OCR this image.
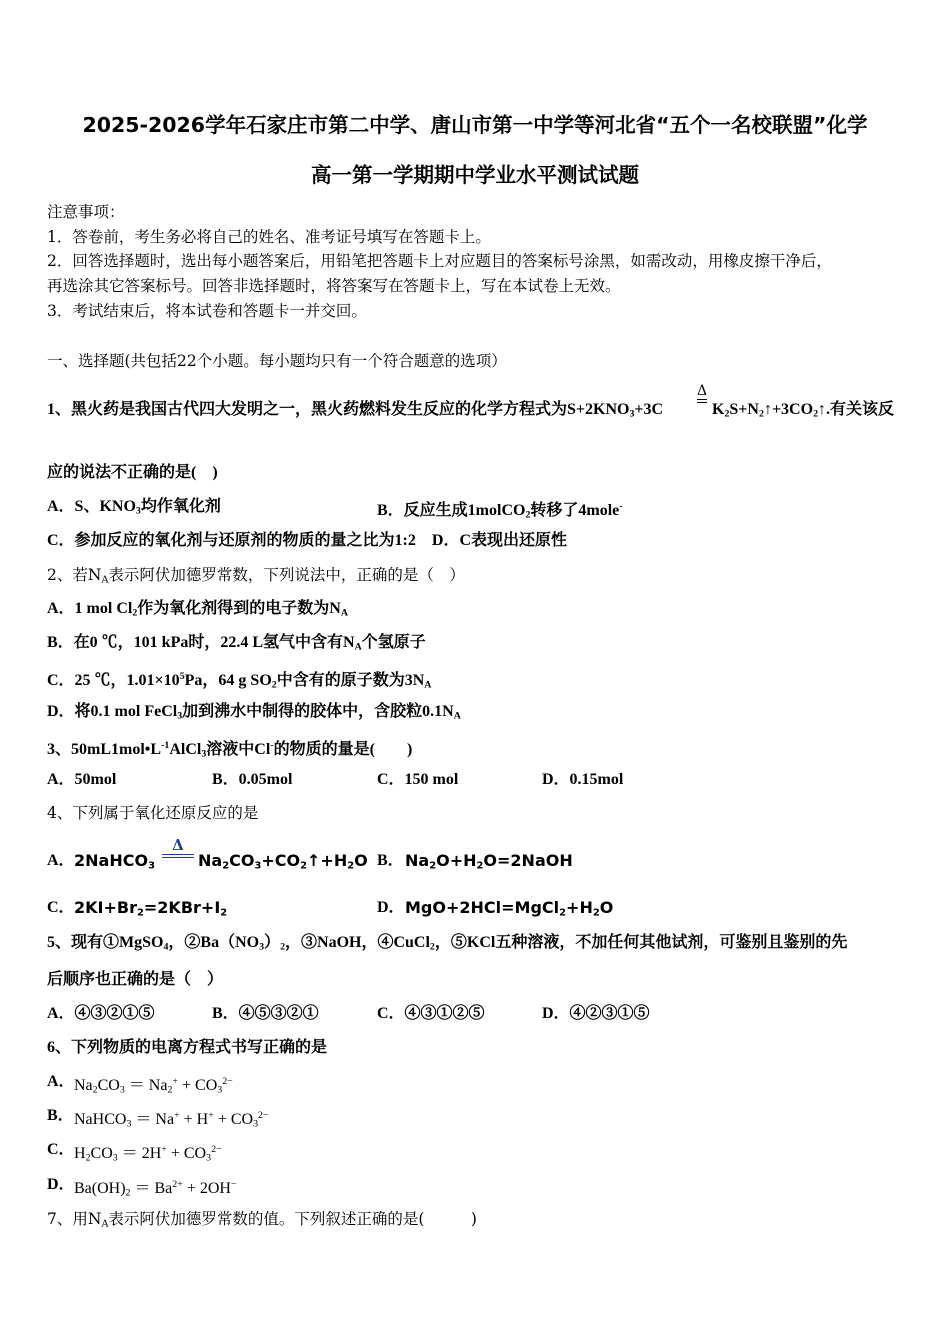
2025-2026学年石家庄市第二中学、唐山市第一中学等河北省“五个一名校联盟”化学
高一第一学期期中学业水平测试试题
注意事项：
1．答卷前，考生务必将自己的姓名、准考证号填写在答题卡上。
2．回答选择题时，选出每小题答案后，用铅笔把答题卡上对应题目的答案标号涂黑，如需改动，用橡皮擦干净后，
再选涂其它答案标号。回答非选择题时，将答案写在答题卡上，写在本试卷上无效。
3．考试结束后，将本试卷和答题卡一并交回。
一、选择题(共包括22个小题。每小题均只有一个符合题意的选项）
1、黑火药是我国古代四大发明之一，黑火药燃料发生反应的化学方程式为$S+2KNO_3+3C$
Δ
$K_2S+N_2↑+3CO_2↑$.有关该反
应的说法不正确的是(　)
A．S、$KNO_3$均作氧化剂	B．反应生成1molCO$_2$转移了4mole-
C．参加反应的氧化剂与还原剂的物质的量之比为1:2　D．C表现出还原性
2、若$N_A$表示阿伏加德罗常数，下列说法中，正确的是（　）
A．1 mol $Cl_2$作为氧化剂得到的电子数为$N_A$
B．在0 ℃，101 kPa时，22.4 L氢气中含有$N_A$个氢原子
C．25 ℃，$1.01\times 10^5Pa$，64 g $SO_2$中含有的原子数为$3N_A$
D．将0.1 mol FeCl$_3$加到沸水中制得的胶体中，含胶粒$0.1N_A$
3、$50mL1mol•L^{-1}AlCl_3$溶液中Cl-的物质的量是(　　)
A．50mol	B．0.05mol	C．150 mol	D．0.15mol
4、下列属于氧化还原反应的是
A． 2NaHCO$_3$
Δ
$Na_2CO_3+CO_2↑+H_2O$ B． $Na_2O+H_2O=2NaOH$
C． $2KI+Br_2=2KBr+I_2$	D． $MgO+2HCl=MgCl_2+H_2O$
5、现有①MgSO$_4$，$②Ba(NO_3)_2$，③NaOH，④CuCl$_2$，⑤KCl五种溶液，不加任何其他试剂，可鉴别且鉴别的先
后顺序也正确的是（　）
A．④③②①⑤	B．④⑤③②①	C．④③①②⑤	D．④②③①⑤
6、下列物质的电离方程式书写正确的是
A． $Na_2CO_3 = Na_2^+ + CO_3^{2-}$
B． NaHCO$_3$ ＝ $Na^+ + H^+ + CO_3^{2-}$
C． $H_2CO_3 = 2H^+ + CO_3^{2-}$
D． $Ba(OH)_2 = Ba^{2+} + 2OH^-$
7、用$N_A$表示阿伏加德罗常数的值。下列叙述正确的是(　　　)
